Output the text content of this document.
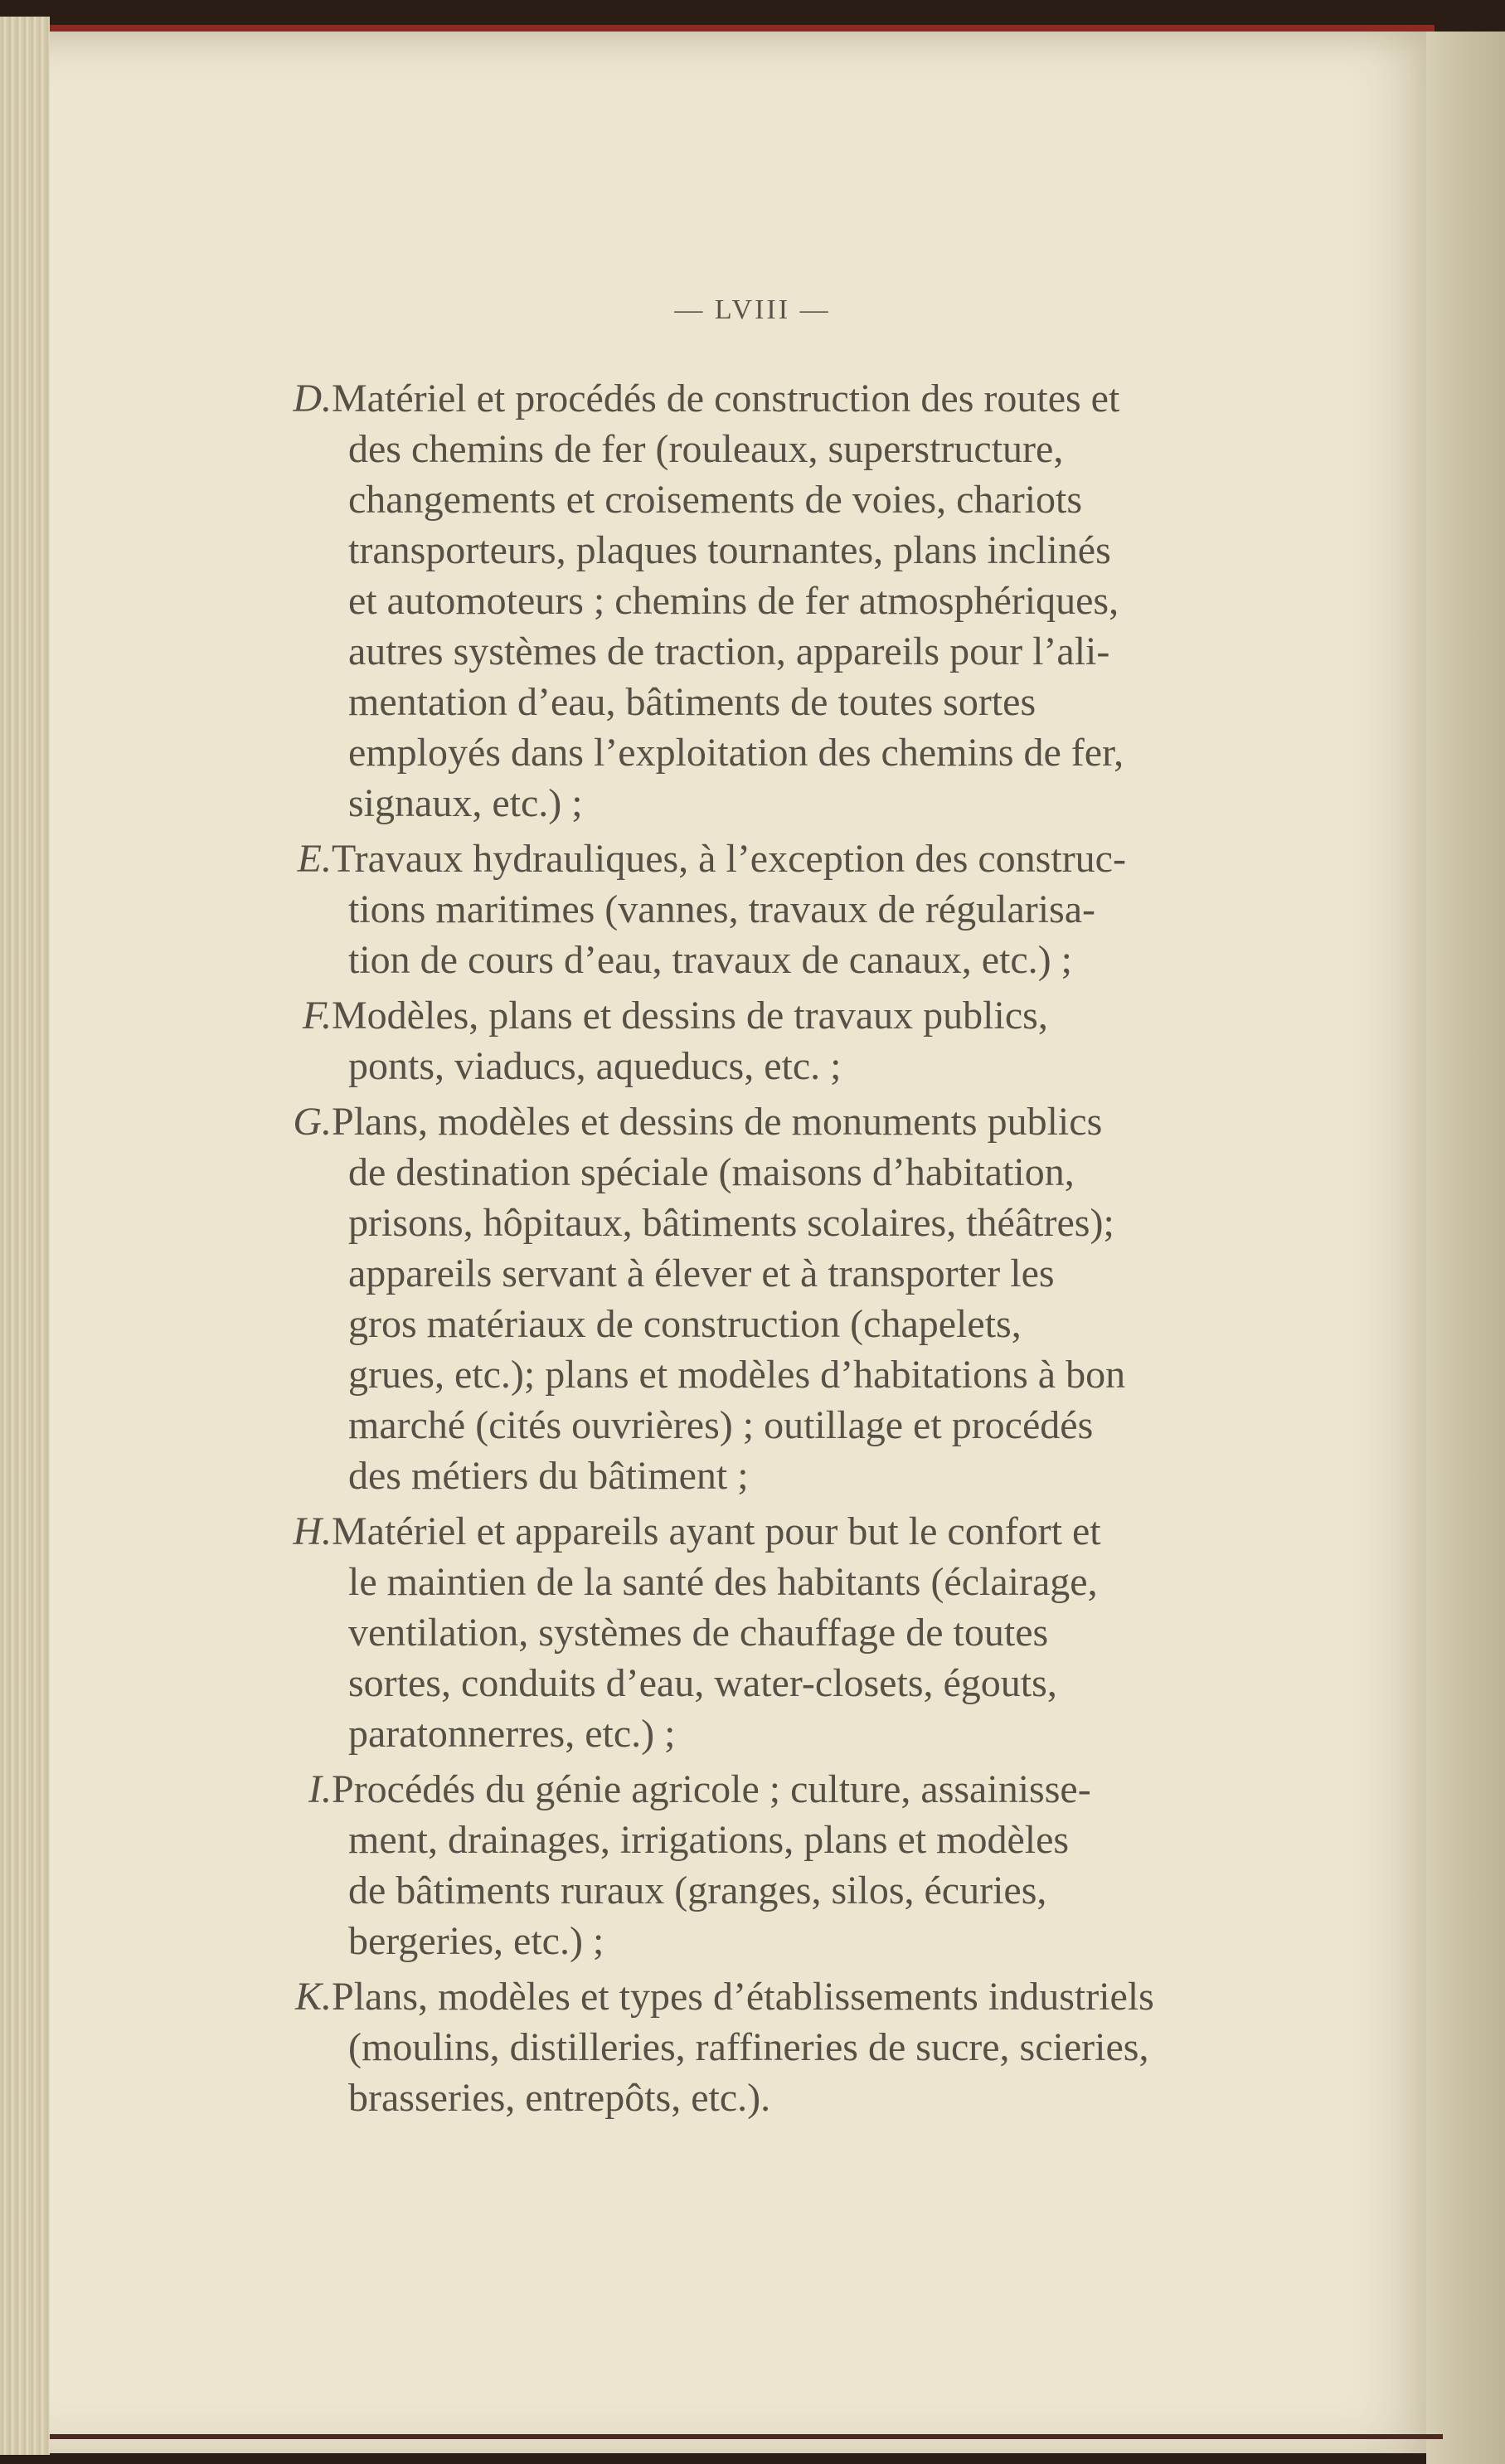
— LVIII —
D. Matériel et procédés de construction des routes et
des chemins de fer (rouleaux, superstructure,
changements et croisements de voies, chariots
transporteurs, plaques tournantes, plans inclinés
et automoteurs ; chemins de fer atmosphériques,
autres systèmes de traction, appareils pour l’ali-
mentation d’eau, bâtiments de toutes sortes
employés dans l’exploitation des chemins de fer,
signaux, etc.) ;
E. Travaux hydrauliques, à l’exception des construc-
tions maritimes (vannes, travaux de régularisa-
tion de cours d’eau, travaux de canaux, etc.) ;
F. Modèles, plans et dessins de travaux publics,
ponts, viaducs, aqueducs, etc. ;
G. Plans, modèles et dessins de monuments publics
de destination spéciale (maisons d’habitation,
prisons, hôpitaux, bâtiments scolaires, théâtres);
appareils servant à élever et à transporter les
gros matériaux de construction (chapelets,
grues, etc.); plans et modèles d’habitations à bon
marché (cités ouvrières) ; outillage et procédés
des métiers du bâtiment ;
H. Matériel et appareils ayant pour but le confort et
le maintien de la santé des habitants (éclairage,
ventilation, systèmes de chauffage de toutes
sortes, conduits d’eau, water-closets, égouts,
paratonnerres, etc.) ;
I. Procédés du génie agricole ; culture, assainisse-
ment, drainages, irrigations, plans et modèles
de bâtiments ruraux (granges, silos, écuries,
bergeries, etc.) ;
K. Plans, modèles et types d’établissements industriels
(moulins, distilleries, raffineries de sucre, scieries,
brasseries, entrepôts, etc.).
